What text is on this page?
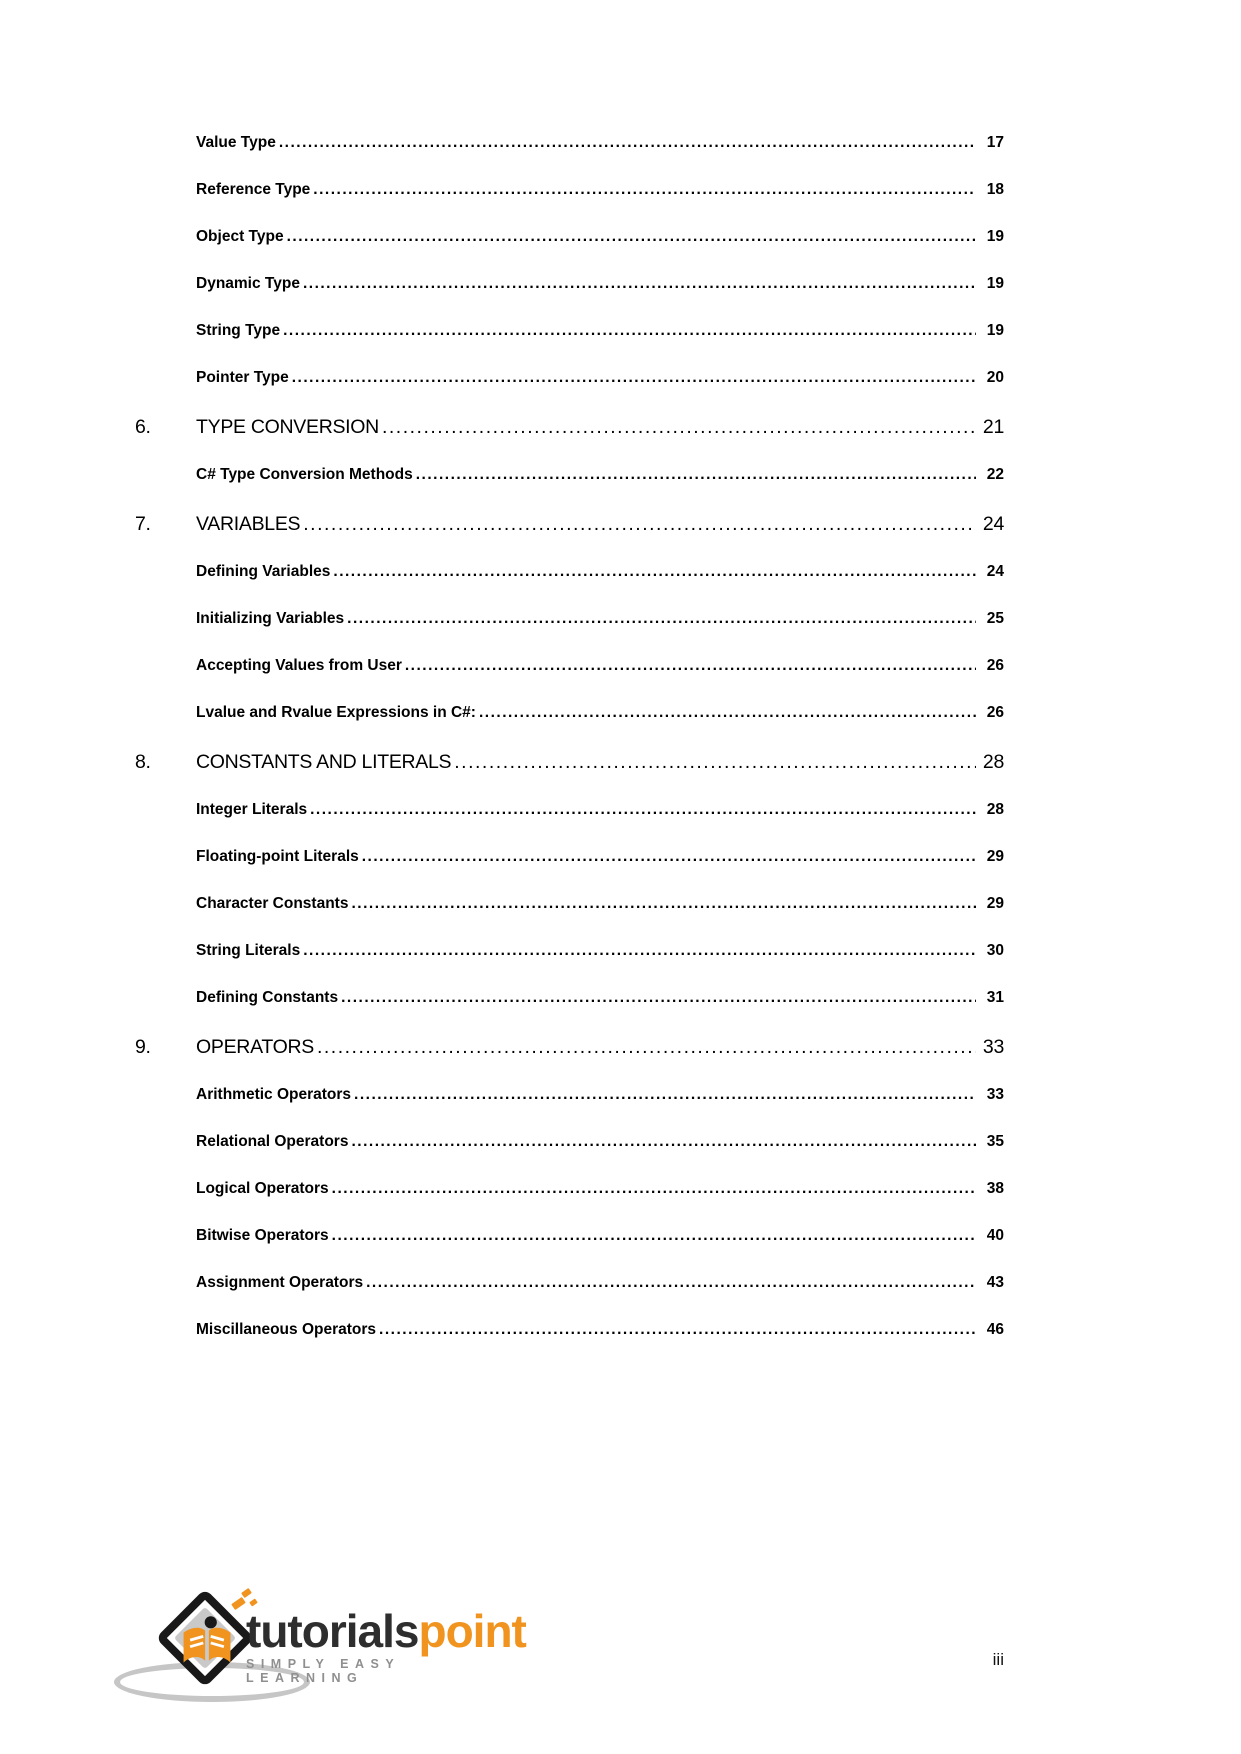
Value Type .....	17
Reference Type .....	18
Object Type .....	19
Dynamic Type .....	19
String Type .....	19
Pointer Type .....	20
6.	TYPE CONVERSION .....	21
C# Type Conversion Methods .....	22
7.	VARIABLES .....	24
Defining Variables .....	24
Initializing Variables .....	25
Accepting Values from User .....	26
Lvalue and Rvalue Expressions in C#: .....	26
8.	CONSTANTS AND LITERALS .....	28
Integer Literals .....	28
Floating-point Literals .....	29
Character Constants .....	29
String Literals .....	30
Defining Constants .....	31
9.	OPERATORS .....	33
Arithmetic Operators .....	33
Relational Operators .....	35
Logical Operators .....	38
Bitwise Operators .....	40
Assignment Operators .....	43
Miscillaneous Operators .....	46
tutorialspoint
SIMPLY EASY LEARNING
iii
